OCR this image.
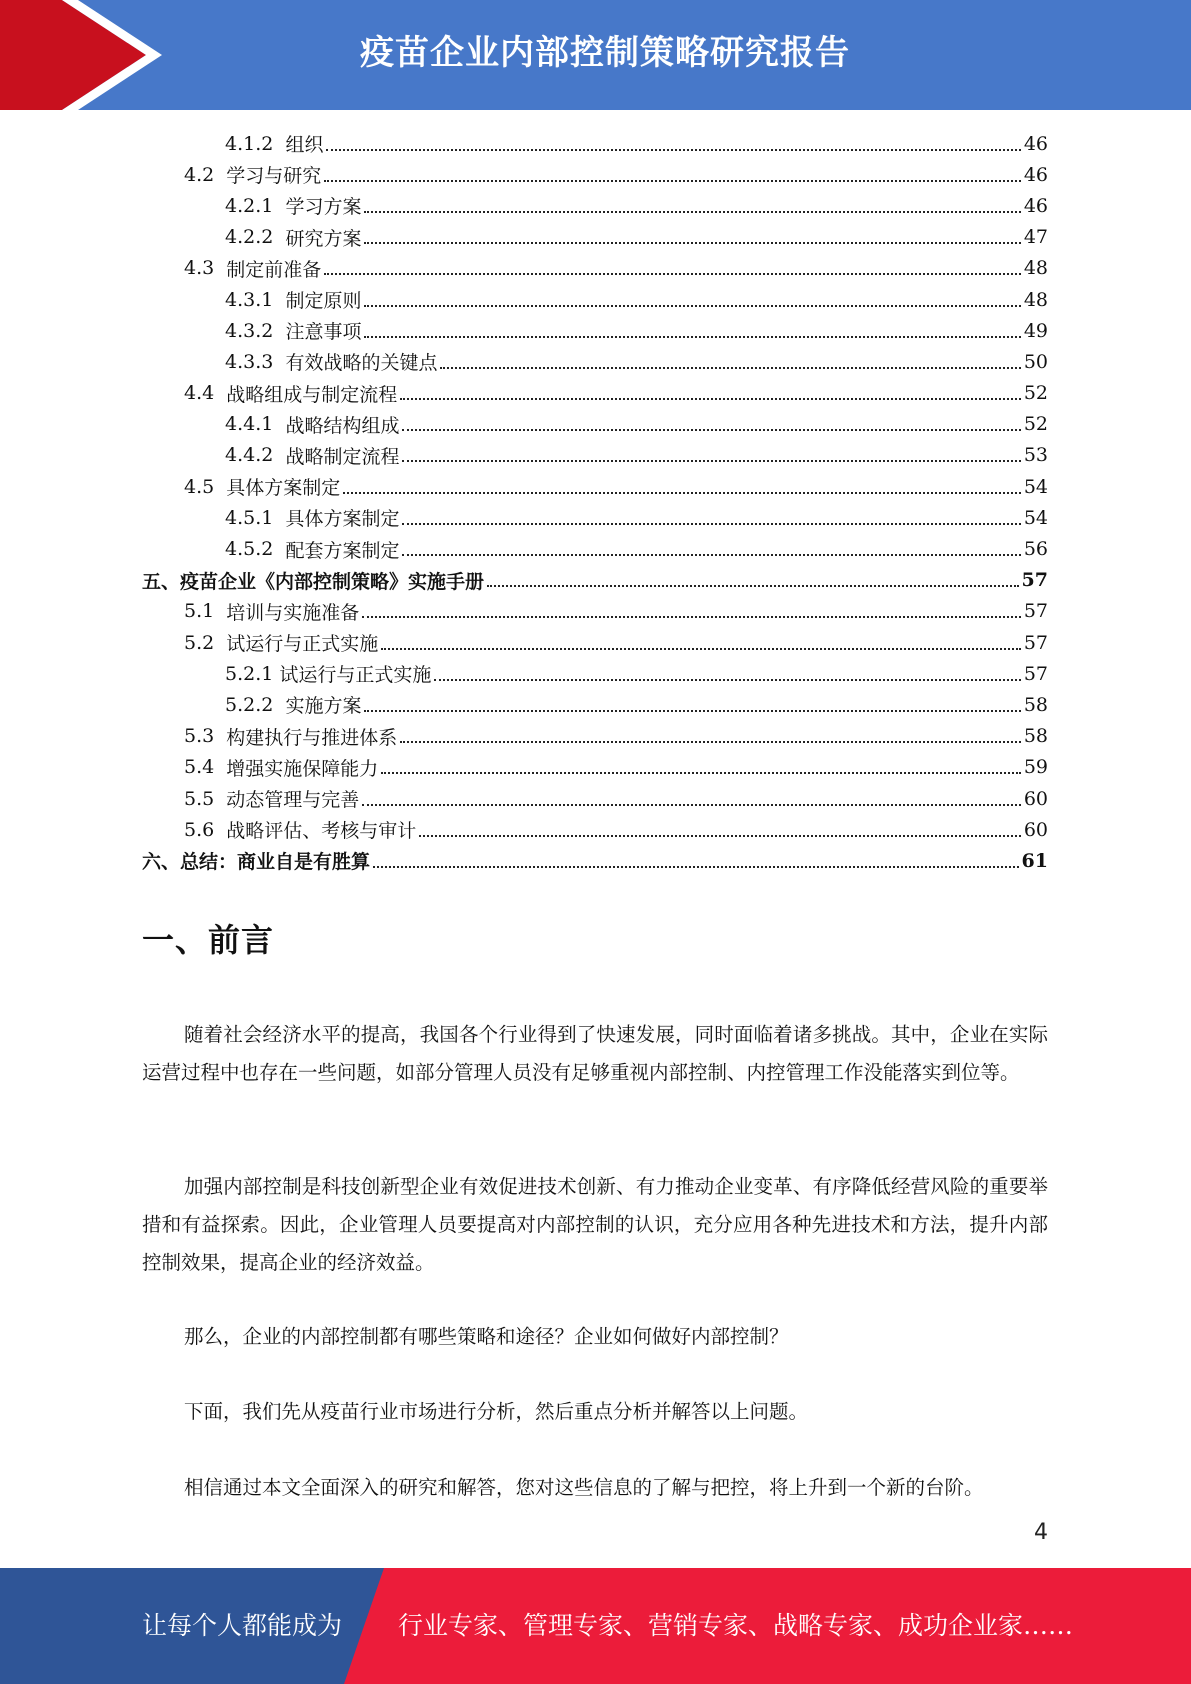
疫苗企业内部控制策略研究报告
4.1.2 组织	46
4.2 学习与研究	46
4.2.1 学习方案	46
4.2.2 研究方案	47
4.3 制定前准备	48
4.3.1 制定原则	48
4.3.2 注意事项	49
4.3.3 有效战略的关键点	50
4.4 战略组成与制定流程	52
4.4.1 战略结构组成	52
4.4.2 战略制定流程	53
4.5 具体方案制定	54
4.5.1 具体方案制定	54
4.5.2 配套方案制定	56
五、疫苗企业《内部控制策略》实施手册	57
5.1 培训与实施准备	57
5.2 试运行与正式实施	57
5.2.1 试运行与正式实施	57
5.2.2 实施方案	58
5.3 构建执行与推进体系	58
5.4 增强实施保障能力	59
5.5 动态管理与完善	60
5.6 战略评估、考核与审计	60
六、总结：商业自是有胜算	61
一、前言

随着社会经济水平的提高，我国各个行业得到了快速发展，同时面临着诸多挑战。其中，企业在实际运营过程中也存在一些问题，如部分管理人员没有足够重视内部控制、内控管理工作没能落实到位等。

加强内部控制是科技创新型企业有效促进技术创新、有力推动企业变革、有序降低经营风险的重要举措和有益探索。因此，企业管理人员要提高对内部控制的认识，充分应用各种先进技术和方法，提升内部控制效果，提高企业的经济效益。

那么，企业的内部控制都有哪些策略和途径？企业如何做好内部控制？

下面，我们先从疫苗行业市场进行分析，然后重点分析并解答以上问题。

相信通过本文全面深入的研究和解答，您对这些信息的了解与把控，将上升到一个新的台阶。

4
让每个人都能成为 行业专家、管理专家、营销专家、战略专家、成功企业家……
